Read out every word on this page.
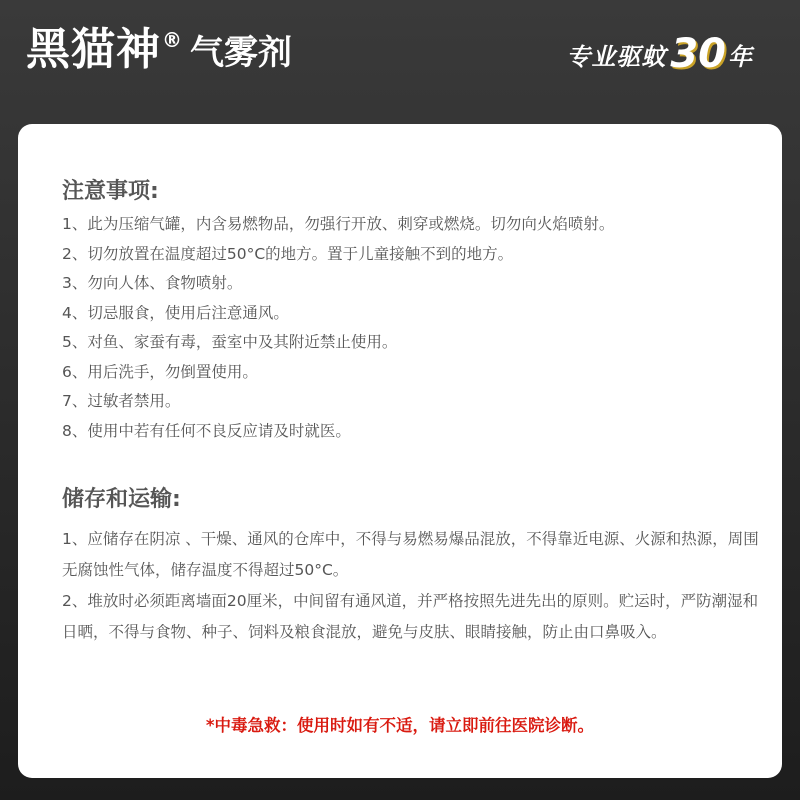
黑猫神 ® 气雾剂	专业驱蚊 30 年
注意事项:
1、此为压缩气罐，内含易燃物品，勿强行开放、刺穿或燃烧。切勿向火焰喷射。
2、切勿放置在温度超过50°C的地方。置于儿童接触不到的地方。
3、勿向人体、食物喷射。
4、切忌服食，使用后注意通风。
5、对鱼、家蚕有毒，蚕室中及其附近禁止使用。
6、用后洗手，勿倒置使用。
7、过敏者禁用。
8、使用中若有任何不良反应请及时就医。
储存和运输:

1、应储存在阴凉 、干燥、通风的仓库中，不得与易燃易爆品混放，不得靠近电源、火源和热源，周围无腐蚀性气体，储存温度不得超过50°C。

2、堆放时必须距离墙面20厘米，中间留有通风道，并严格按照先进先出的原则。贮运时，严防潮湿和日晒，不得与食物、种子、饲料及粮食混放，避免与皮肤、眼睛接触，防止由口鼻吸入。

*中毒急救：使用时如有不适，请立即前往医院诊断。
